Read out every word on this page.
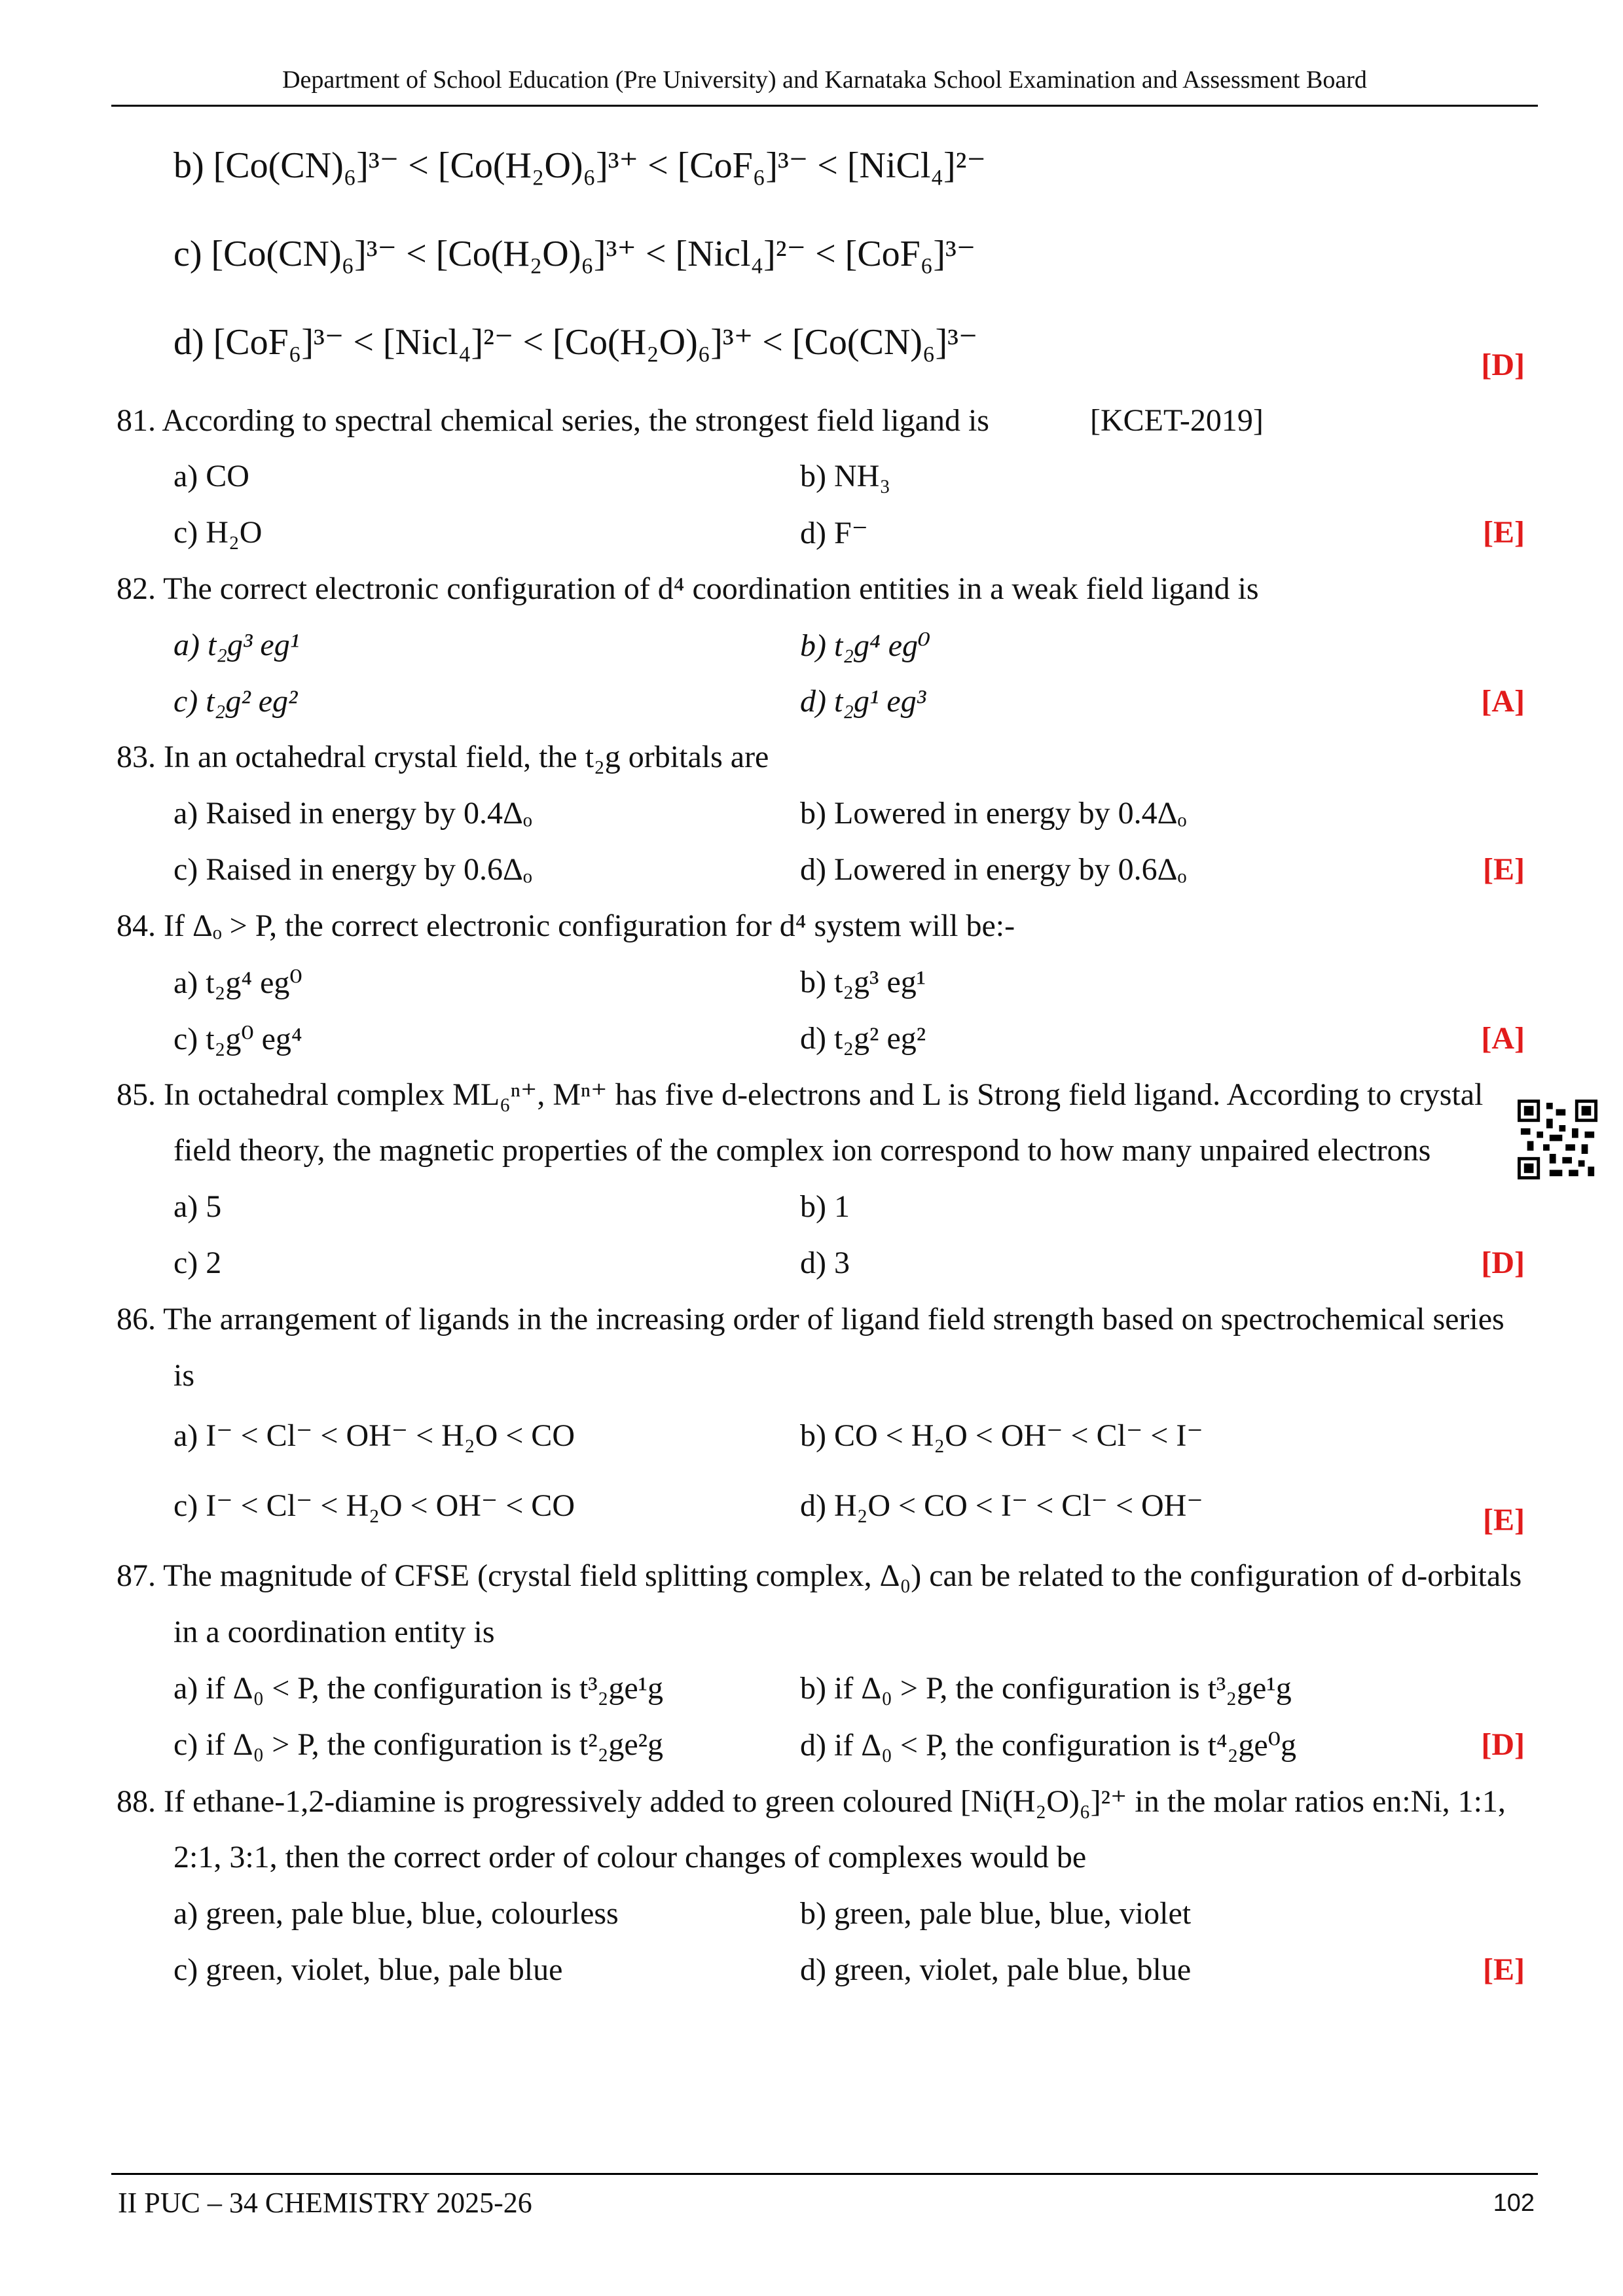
Department of School Education (Pre University) and Karnataka School Examination and Assessment Board
b) [Co(CN)₆]³⁻ < [Co(H₂O)₆]³⁺ < [CoF₆]³⁻ < [NiCl₄]²⁻
c) [Co(CN)₆]³⁻ < [Co(H₂O)₆]³⁺ < [Nicl₄]²⁻ < [CoF₆]³⁻
d) [CoF₆]³⁻ < [Nicl₄]²⁻ < [Co(H₂O)₆]³⁺ < [Co(CN)₆]³⁻
[D]
81. According to spectral chemical series, the strongest field ligand is	[KCET-2019]
a) CO	b) NH₃
c) H₂O	d) F⁻	[E]
82. The correct electronic configuration of d⁴ coordination entities in a weak field ligand is
a) t₂g³ eg¹	b) t₂g⁴ eg⁰
c) t₂g² eg²	d) t₂g¹ eg³	[A]
83. In an octahedral crystal field, the t₂g orbitals are
a) Raised in energy by 0.4Δₒ	b) Lowered in energy by 0.4Δₒ
c) Raised in energy by 0.6Δₒ	d) Lowered in energy by 0.6Δₒ	[E]
84. If Δₒ > P, the correct electronic configuration for d⁴ system will be:-
a) t₂g⁴ eg⁰	b) t₂g³ eg¹
c) t₂g⁰ eg⁴	d) t₂g² eg²	[A]
85. In octahedral complex ML₆ⁿ⁺, Mⁿ⁺ has five d-electrons and L is Strong field ligand. According to crystal
field theory, the magnetic properties of the complex ion correspond to how many unpaired electrons
a) 5	b) 1
c) 2	d) 3	[D]
86. The arrangement of ligands in the increasing order of ligand field strength based on spectrochemical series
is
a) I⁻ < Cl⁻ < OH⁻ < H₂O < CO	b) CO < H₂O < OH⁻ < Cl⁻ < I⁻
c) I⁻ < Cl⁻ < H₂O < OH⁻ < CO	d) H₂O < CO < I⁻ < Cl⁻ < OH⁻	[E]
87. The magnitude of CFSE (crystal field splitting complex, Δ₀) can be related to the configuration of d-orbitals
in a coordination entity is
a) if Δ₀ < P, the configuration is t³₂ge¹g	b) if Δ₀ > P, the configuration is t³₂ge¹g
c) if Δ₀ > P, the configuration is t²₂ge²g	d) if Δ₀ < P, the configuration is t⁴₂ge⁰g	[D]
88. If ethane-1,2-diamine is progressively added to green coloured [Ni(H₂O)₆]²⁺ in the molar ratios en:Ni, 1:1,
2:1, 3:1, then the correct order of colour changes of complexes would be
a) green, pale blue, blue, colourless	b) green, pale blue, blue, violet
c) green, violet, blue, pale blue	d) green, violet, pale blue, blue	[E]
II PUC – 34 CHEMISTRY 2025-26	102
